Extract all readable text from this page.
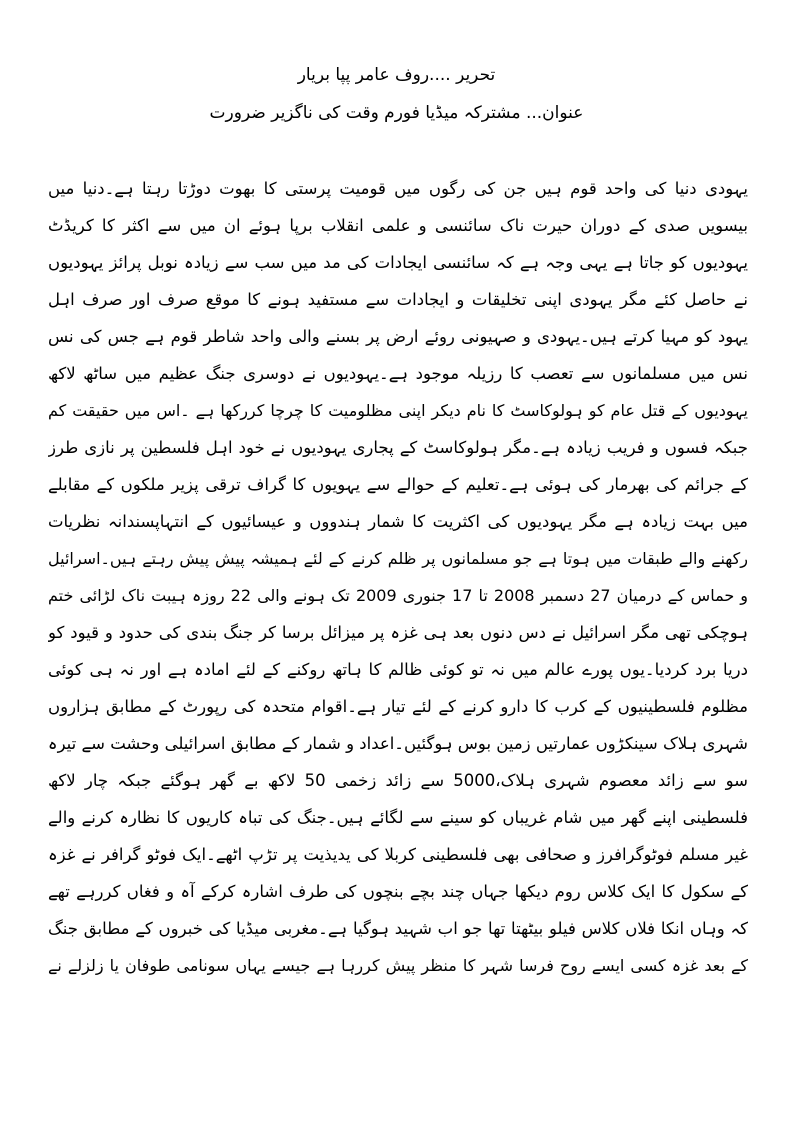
تحریر ....روف عامر پپا بریار
عنوان... مشترکہ میڈیا فورم وقت کی ناگزیر ضرورت
یہودی دنیا کی واحد قوم ہیں جن کی رگوں میں قومیت پرستی کا بھوت دوڑتا رہتا ہے۔دنیا میں
بیسویں صدی کے دوران حیرت ناک سائنسی و علمی انقلاب برپا ہوئے ان میں سے اکثر کا کریڈٹ
یہودیوں کو جاتا ہے یہی وجہ ہے کہ سائنسی ایجادات کی مد میں سب سے زیادہ نوبل پرائز یہودیوں
نے حاصل کئے مگر یہودی اپنی تخلیقات و ایجادات سے مستفید ہونے کا موقع صرف اور صرف اہل
یہود کو مہیا کرتے ہیں۔یہودی و صہیونی روئے ارض پر بسنے والی واحد شاطر قوم ہے جس کی نس
نس میں مسلمانوں سے تعصب کا رزیلہ موجود ہے۔یہودیوں نے دوسری جنگ عظیم میں ساٹھ لاکھ
یہودیوں کے قتل عام کو ہولوکاسٹ کا نام دیکر اپنی مظلومیت کا چرچا کررکھا ہے ۔اس میں حقیقت کم
جبکہ فسوں و فریب زیادہ ہے۔مگر ہولوکاسٹ کے پجاری یہودیوں نے خود اہل فلسطین پر نازی طرز
کے جرائم کی بھرمار کی ہوئی ہے۔تعلیم کے حوالے سے یہویوں کا گراف ترقی پزیر ملکوں کے مقابلے
میں بہت زیادہ ہے مگر یہودیوں کی اکثریت کا شمار ہندووں و عیسائیوں کے انتہاپسندانہ نظریات
رکھنے والے طبقات میں ہوتا ہے جو مسلمانوں پر ظلم کرنے کے لئے ہمیشہ پیش پیش رہتے ہیں۔اسرائیل
و حماس کے درمیان 27 دسمبر 2008 تا 17 جنوری 2009 تک ہونے والی 22 روزہ ہیبت ناک لڑائی ختم
ہوچکی تھی مگر اسرائیل نے دس دنوں بعد ہی غزہ پر میزائل برسا کر جنگ بندی کی حدود و قیود کو
دریا برد کردیا۔یوں پورے عالم میں نہ تو کوئی ظالم کا ہاتھ روکنے کے لئے امادہ ہے اور نہ ہی کوئی
مظلوم فلسطینیوں کے کرب کا دارو کرنے کے لئے تیار ہے۔اقوام متحدہ کی رپورٹ کے مطابق ہزاروں
شہری ہلاک سینکڑوں عمارتیں زمین بوس ہوگئیں۔اعداد و شمار کے مطابق اسرائیلی وحشت سے تیرہ
سو سے زائد معصوم شہری ہلاک،5000 سے زائد زخمی 50 لاکھ بے گھر ہوگئے جبکہ چار لاکھ
فلسطینی اپنے گھر میں شام غریباں کو سینے سے لگائے ہیں۔جنگ کی تباہ کاریوں کا نظارہ کرنے والے
غیر مسلم فوٹوگرافرز و صحافی بھی فلسطینی کربلا کی یدیذیت پر تڑپ اٹھے۔ایک فوٹو گرافر نے غزہ
کے سکول کا ایک کلاس روم دیکھا جہاں چند بچے بنچوں کی طرف اشارہ کرکے آہ و فغاں کررہے تھے
کہ وہاں انکا فلاں کلاس فیلو بیٹھتا تھا جو اب شہید ہوگیا ہے۔مغربی میڈیا کی خبروں کے مطابق جنگ
کے بعد غزہ کسی ایسے روح فرسا شہر کا منظر پیش کررہا ہے جیسے یہاں سونامی طوفان یا زلزلے نے
